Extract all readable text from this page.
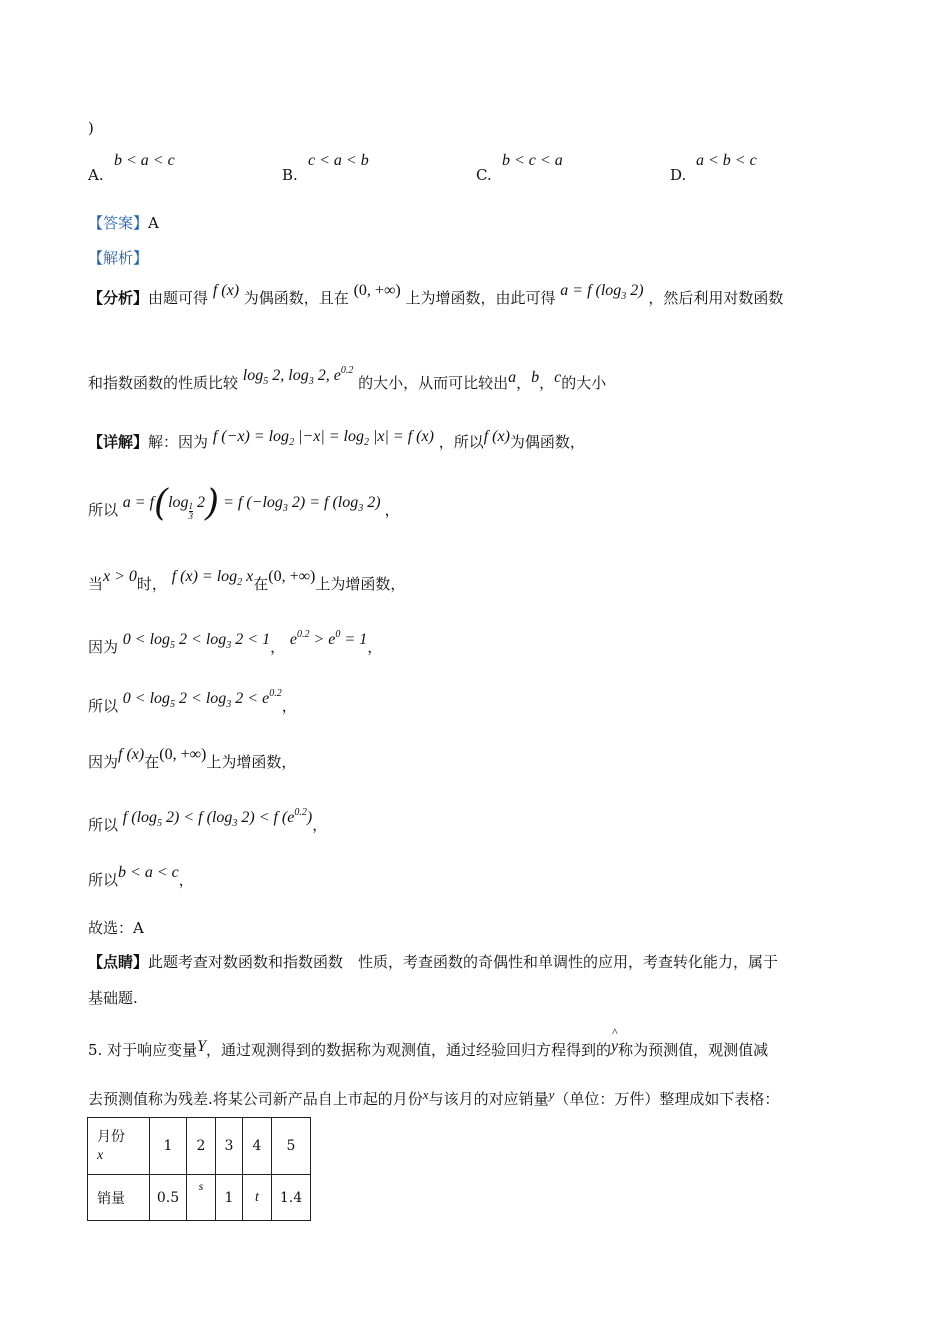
)
A.
b < a < c
B.
c < a < b
C.
b < c < a
D.
a < b < c
【答案】A
【解析】
【分析】由题可得 f (x) 为偶函数，且在 (0, +∞) 上为增函数，由此可得 a = f ($\log_3$ 2) ，然后利用对数函数
和指数函数的性质比较 $\log_5 2$, $\log_3 2$, $e^{0.2}$ 的大小，从而可比较出a，b，c的大小
【详解】解：因为 f $(-x) = \log_2 |-x| = \log_2 |x| = f$ (x) ，所以f (x)为偶函数，
所以 $a = f(\log \frac{1}{3} 2) = f$ ($-\log_3$ 2) = f ($\log_3$ 2) ，
当x > 0时， f $(x) = \log_2 x$在(0, +∞)上为增函数，
因为 $0 < \log_5 2 < \log_3 2 < 1$， $e^{0.2} > e^0 = 1$，
所以 $0 < \log_5 2 < \log_3 2 < e^{0.2}$，
因为f (x)在(0, +∞)上为增函数，
所以 f ($\log_5$ 2) < f ($\log_3$ 2) < f $(e^{0.2})$，
所以b < a < c，
故选：A
【点睛】此题考查对数函数和指数函数　性质，考查函数的奇偶性和单调性的应用，考查转化能力，属于
基础题.
5. 对于响应变量Y，通过观测得到的数据称为观测值，通过经验回归方程得到的
^
y称为预测值，观测值减
去预测值称为残差.将某公司新产品自上市起的月份x与该月的对应销量y（单位：万件）整理成如下表格：
月份
x	1	2	3	4	5
销量	0.5	s	1	t	1.4
